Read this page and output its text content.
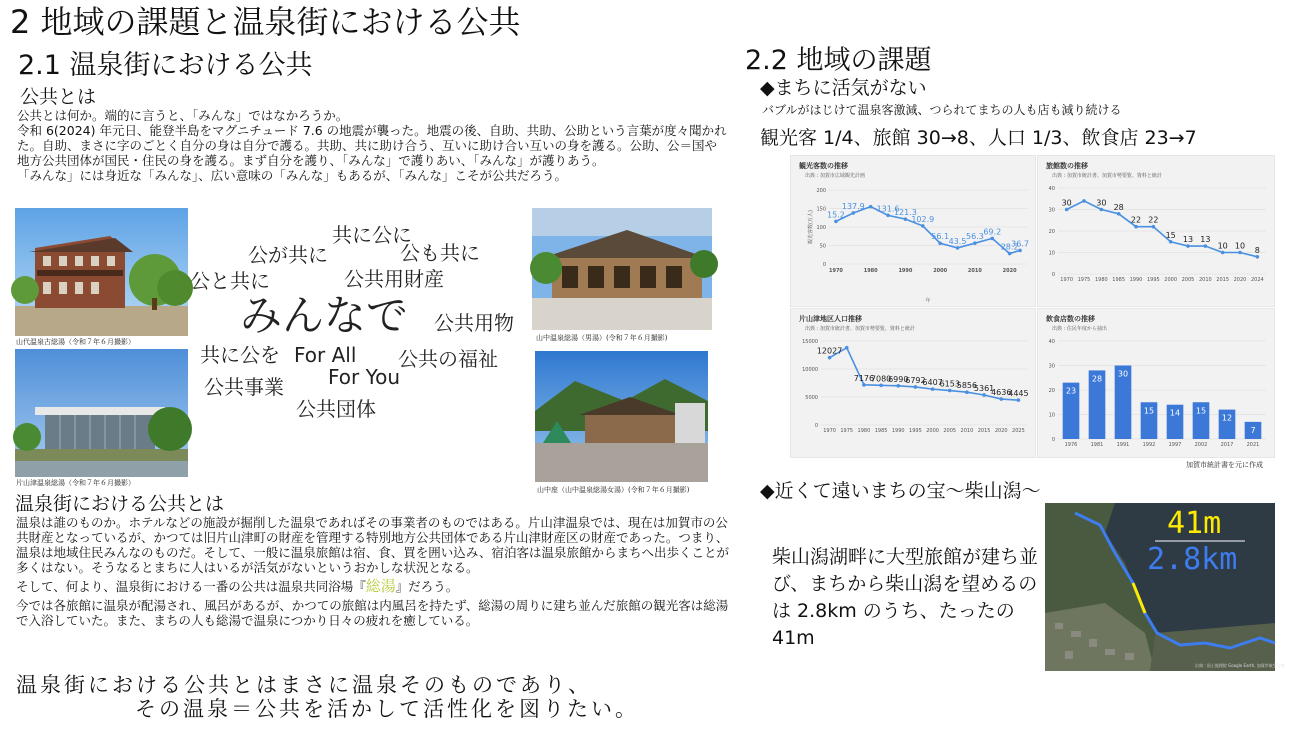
2 地域の課題と温泉街における公共
2.1 温泉街における公共
公共とは

公共とは何か。端的に言うと、「みんな」ではなかろうか。

令和 6(2024) 年元日、能登半島をマグニチュード 7.6 の地震が襲った。地震の後、自助、共助、公助という言葉が度々聞かれた。自助、まさに字のごとく自分の身は自分で護る。共助、共に助け合う、互いに助け合い互いの身を護る。公助、公＝国や地方公共団体が国民・住民の身を護る。まず自分を護り、「みんな」で護りあい、「みんな」が護りあう。

「みんな」には身近な「みんな」、広い意味の「みんな」もあるが、「みんな」こそが公共だろう。

山代温泉古総湯（令和７年６月撮影）
片山津温泉総湯（令和７年６月撮影）
共に公に
公が共に	公も共に
公と共に	公共用財産
みんなで 公共用物
共に公を For All 公共の福祉
公共事業 For You
公共団体
山中温泉総湯（男湯）(令和７年６月撮影)
山中座（山中温泉総湯女湯）(令和７年６月撮影)
温泉街における公共とは

温泉は誰のものか。ホテルなどの施設が掘削した温泉であればその事業者のものではある。片山津温泉では、現在は加賀市の公共財産となっているが、かつては旧片山津町の財産を管理する特別地方公共団体である片山津財産区の財産であった。つまり、温泉は地域住民みんなのものだ。そして、一般に温泉旅館は宿、食、買を囲い込み、宿泊客は温泉旅館からまちへ出歩くことが多くはない。そうなるとまちに人はいるが活気がないというおかしな状況となる。

そして、何より、温泉街における一番の公共は温泉共同浴場『総湯』だろう。

今では各旅館に温泉が配湯され、風呂があるが、かつての旅館は内風呂を持たず、総湯の周りに建ち並んだ旅館の観光客は総湯で入浴していた。また、まちの人も総湯で温泉につかり日々の疲れを癒している。

温泉街における公共とはまさに温泉そのものであり、
その温泉＝公共を活かして活性化を図りたい。
2.2 地域の課題
◆まちに活気がない
バブルがはじけて温泉客激減、つられてまちの人も店も減り続ける
観光客 1/4、旅館 30→8、人口 1/3、飲食店 23→7
観光客数の推移
出典 : 加賀市広域観光計画
0
50
100
150
200
観光客数(万人)
年
1970	1980	1990	2000	2010	2020
15.2
137.9 131.6
121.3
102.9
56.1
43.5
56.3
69.2
28.2
36.7
旅館数の推移
出典 : 加賀市統計書、加賀市勢要覧、資料と統計
0
10
20
30
40
1970 1975 1980 1985 1990 1995 2000 2005 2010 2015 2020 2024
30	30 28
22 22
15 13 13
10 10 8
片山津地区人口推移
出典 : 加賀市統計書、加賀市勢要覧、資料と統計
0
5000
10000
15000
1970 1975 1980 1985 1990 1995 2000 2005 2010 2015 2020 2025
12027
7176
7080
6990
6792
6407
6153
5856
5361
4636
4445
飲食店数の推移
出典 : 住民年度から抽出
0
10
20
30
40
23
1976
28
1981
30
1991
15
1992
14
1997
15
2002
12
2017
7
2021
加賀市統計書を元に作成
◆近くて遠いまちの宝～柴山潟～
柴山潟湖畔に大型旅館が建ち並び、まちから柴山潟を望めるのは 2.8km のうち、たったの 41m
41m
2.8km
出典 : 国土地理院 Google Earth, 加賀市航空写真
